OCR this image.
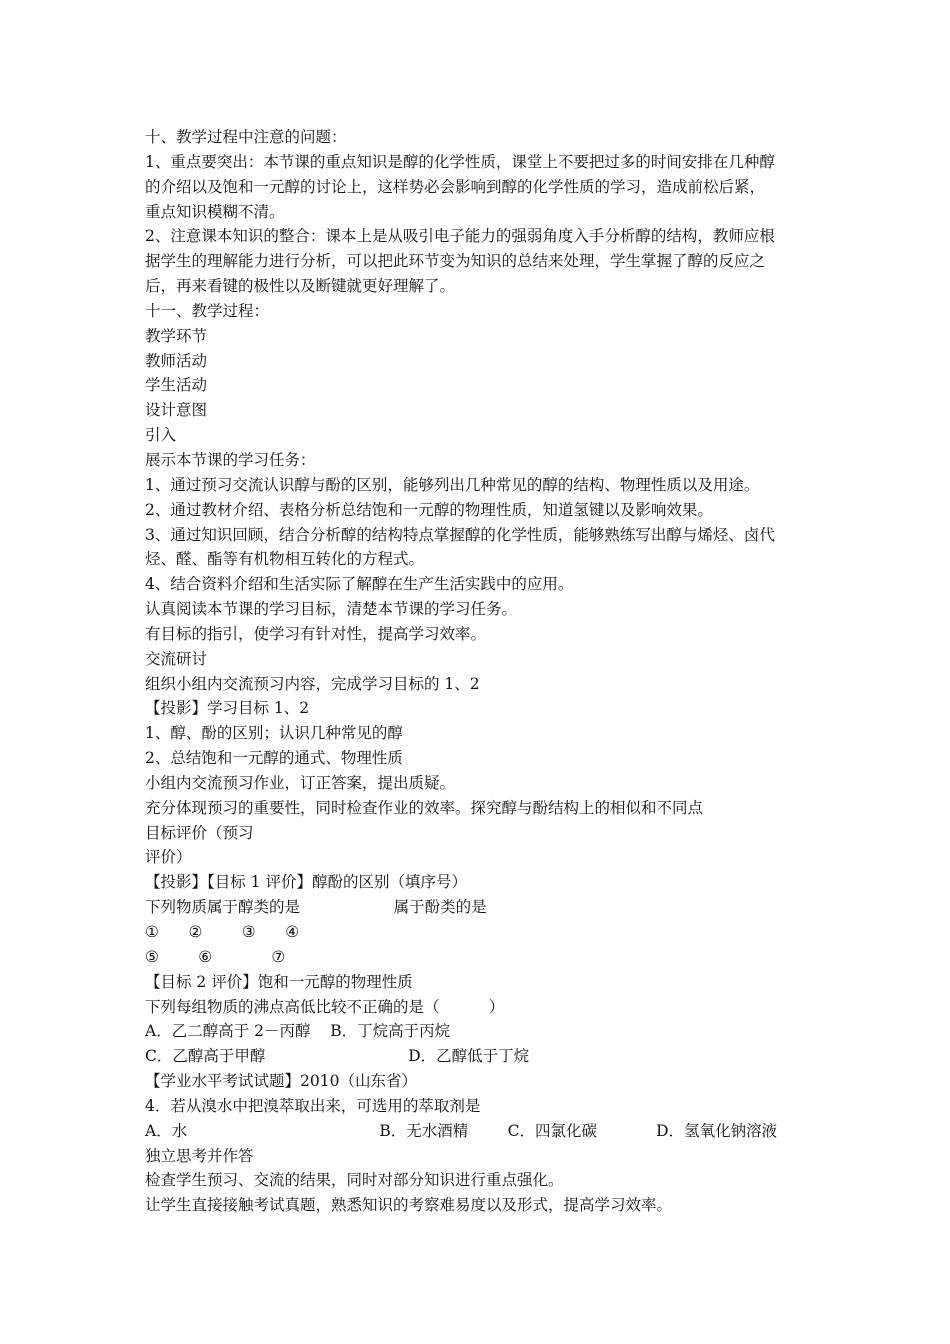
十、教学过程中注意的问题：

1、重点要突出：本节课的重点知识是醇的化学性质，课堂上不要把过多的时间安排在几种醇

的介绍以及饱和一元醇的讨论上，这样势必会影响到醇的化学性质的学习，造成前松后紧，

重点知识模糊不清。

2、注意课本知识的整合：课本上是从吸引电子能力的强弱角度入手分析醇的结构，教师应根

据学生的理解能力进行分析，可以把此环节变为知识的总结来处理，学生掌握了醇的反应之

后，再来看键的极性以及断键就更好理解了。

十一、教学过程：

教学环节

教师活动

学生活动

设计意图

引入

展示本节课的学习任务：

1、通过预习交流认识醇与酚的区别，能够列出几种常见的醇的结构、物理性质以及用途。

2、通过教材介绍、表格分析总结饱和一元醇的物理性质，知道氢键以及影响效果。

3、通过知识回顾，结合分析醇的结构特点掌握醇的化学性质，能够熟练写出醇与烯烃、卤代

烃、醛、酯等有机物相互转化的方程式。

4、结合资料介绍和生活实际了解醇在生产生活实践中的应用。

认真阅读本节课的学习目标，清楚本节课的学习任务。

有目标的指引，使学习有针对性，提高学习效率。

交流研讨

组织小组内交流预习内容，完成学习目标的 1、2

【投影】学习目标 1、2

1、醇、酚的区别；认识几种常见的醇

2、总结饱和一元醇的通式、物理性质

小组内交流预习作业，订正答案，提出质疑。

充分体现预习的重要性，同时检查作业的效率。探究醇与酚结构上的相似和不同点

目标评价（预习

评价）

【投影】【目标 1 评价】醇酚的区别（填序号）

下列物质属于醇类的是                   属于酚类的是

①      ②        ③      ④

⑤        ⑥            ⑦

【目标 2 评价】饱和一元醇的物理性质

下列每组物质的沸点高低比较不正确的是（          ）

A．乙二醇高于 2－丙醇    B．丁烷高于丙烷

C．乙醇高于甲醇                             D．乙醇低于丁烷

【学业水平考试试题】2010（山东省）

4．若从溴水中把溴萃取出来，可选用的萃取剂是

A．水                                       B．无水酒精        C．四氯化碳            D．氢氧化钠溶液

独立思考并作答

检查学生预习、交流的结果，同时对部分知识进行重点强化。

让学生直接接触考试真题，熟悉知识的考察难易度以及形式，提高学习效率。
